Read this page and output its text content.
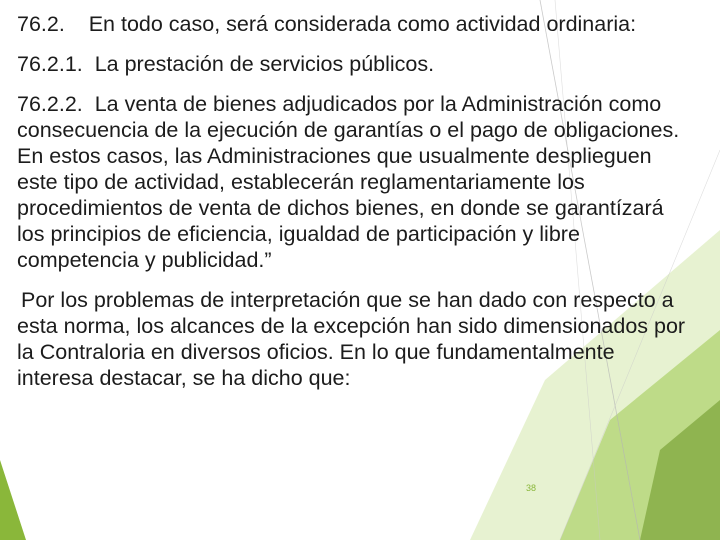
76.2.    En todo caso, será considerada como actividad ordinaria:

76.2.1.  La prestación de servicios públicos.

76.2.2.  La venta de bienes adjudicados por la Administración como consecuencia de la ejecución de garantías o el pago de obligaciones.  En estos casos, las Administraciones que usualmente desplieguen este tipo de actividad, establecerán reglamentariamente los procedimientos de venta de dichos bienes, en donde se garantízará los principios de eficiencia, igualdad de participación y libre competencia y publicidad.”

Por los problemas de interpretación que se han dado con respecto a esta norma, los alcances de la excepción han sido dimensionados por la Contraloria en diversos oficios. En lo que fundamentalmente interesa destacar, se ha dicho que:

38
